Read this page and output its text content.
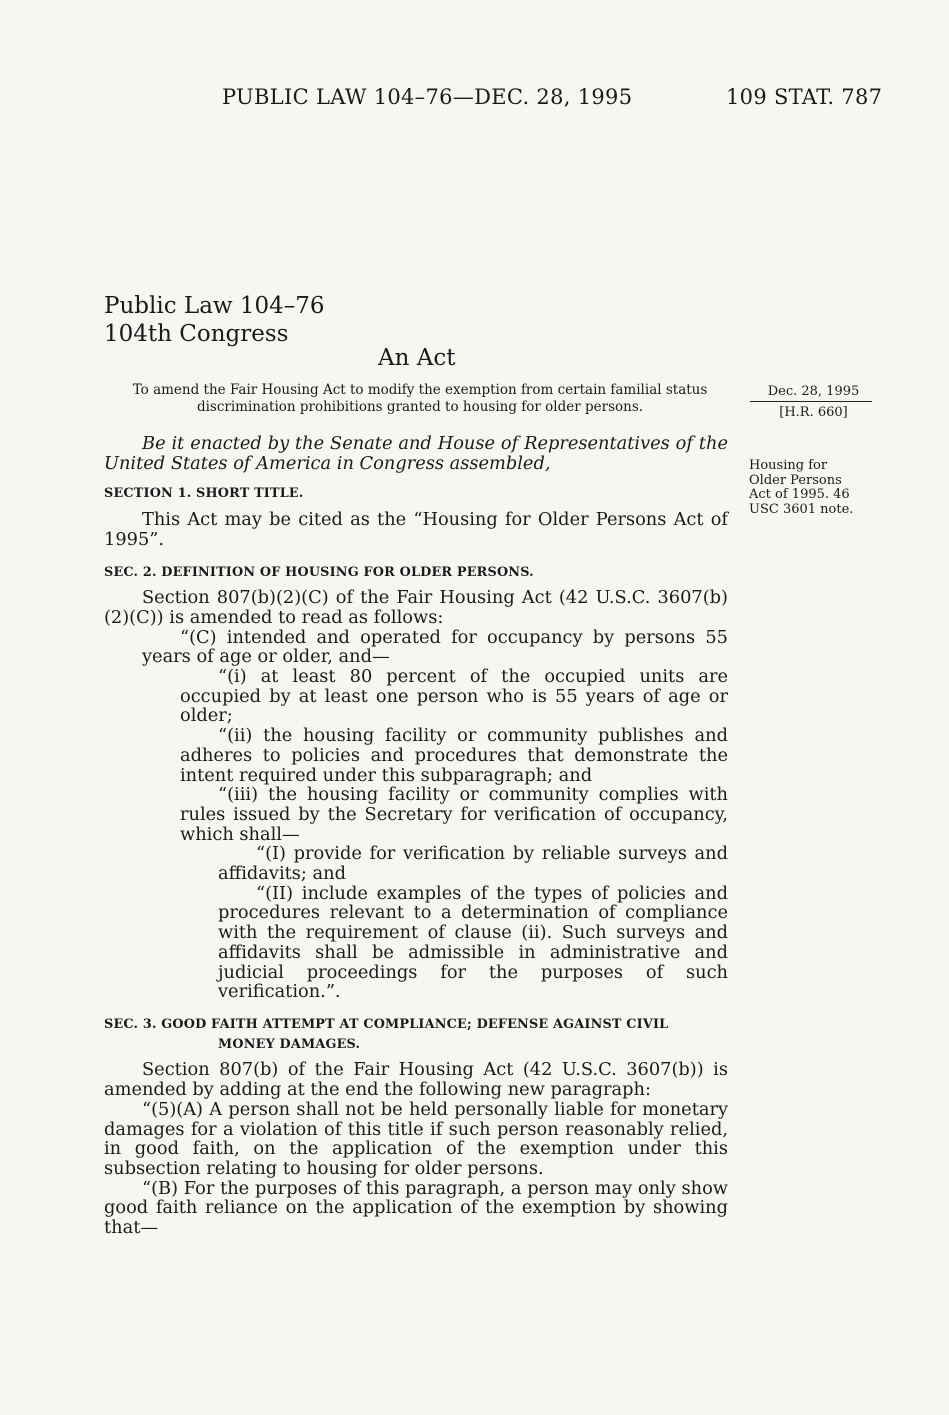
PUBLIC LAW 104–76—DEC. 28, 1995	109 STAT. 787
Public Law 104–76
104th Congress
An Act
To amend the Fair Housing Act to modify the exemption from certain familial status discrimination prohibitions granted to housing for older persons.
Dec. 28, 1995
[H.R. 660]
Housing for Older Persons Act of 1995. 46 USC 3601 note.

Be it enacted by the Senate and House of Representatives of the United States of America in Congress assembled,

SECTION 1. SHORT TITLE.

This Act may be cited as the “Housing for Older Persons Act of 1995”.

SEC. 2. DEFINITION OF HOUSING FOR OLDER PERSONS.

Section 807(b)(2)(C) of the Fair Housing Act (42 U.S.C. 3607(b)(2)(C)) is amended to read as follows:

“(C) intended and operated for occupancy by persons 55 years of age or older, and—

“(i) at least 80 percent of the occupied units are occupied by at least one person who is 55 years of age or older;

“(ii) the housing facility or community publishes and adheres to policies and procedures that demonstrate the intent required under this subparagraph; and

“(iii) the housing facility or community complies with rules issued by the Secretary for verification of occupancy, which shall—

“(I) provide for verification by reliable surveys and affidavits; and

“(II) include examples of the types of policies and procedures relevant to a determination of compliance with the requirement of clause (ii). Such surveys and affidavits shall be admissible in administrative and judicial proceedings for the purposes of such verification.”.

SEC. 3. GOOD FAITH ATTEMPT AT COMPLIANCE; DEFENSE AGAINST CIVIL MONEY DAMAGES.

Section 807(b) of the Fair Housing Act (42 U.S.C. 3607(b)) is amended by adding at the end the following new paragraph:

“(5)(A) A person shall not be held personally liable for monetary damages for a violation of this title if such person reasonably relied, in good faith, on the application of the exemption under this subsection relating to housing for older persons.

“(B) For the purposes of this paragraph, a person may only show good faith reliance on the application of the exemption by showing that—
